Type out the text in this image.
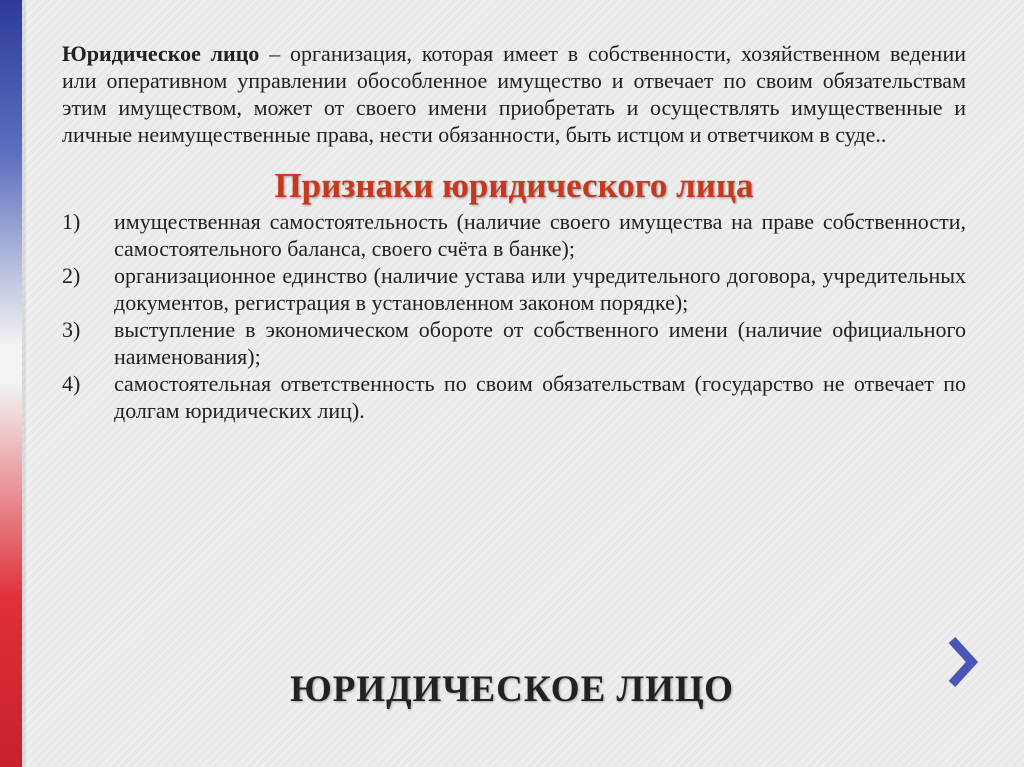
Юридическое лицо – организация, которая имеет в собственности, хозяйственном ведении или оперативном управлении обособленное имущество и отвечает по своим обязательствам этим имуществом, может от своего имени приобретать и осуществлять имущественные и личные неимущественные права, нести обязанности, быть истцом и ответчиком в суде..

Признаки юридического лица
1)	имущественная самостоятельность (наличие своего имущества на праве собственности, самостоятельного баланса, своего счёта в банке);
2)	организационное единство (наличие устава или учредительного договора, учредительных документов, регистрация в установленном законом порядке);
3)	выступление в экономическом обороте от собственного имени (наличие официального наименования);
4)	самостоятельная ответственность по своим обязательствам (государство не отвечает по долгам юридических лиц).
ЮРИДИЧЕСКОЕ ЛИЦО
